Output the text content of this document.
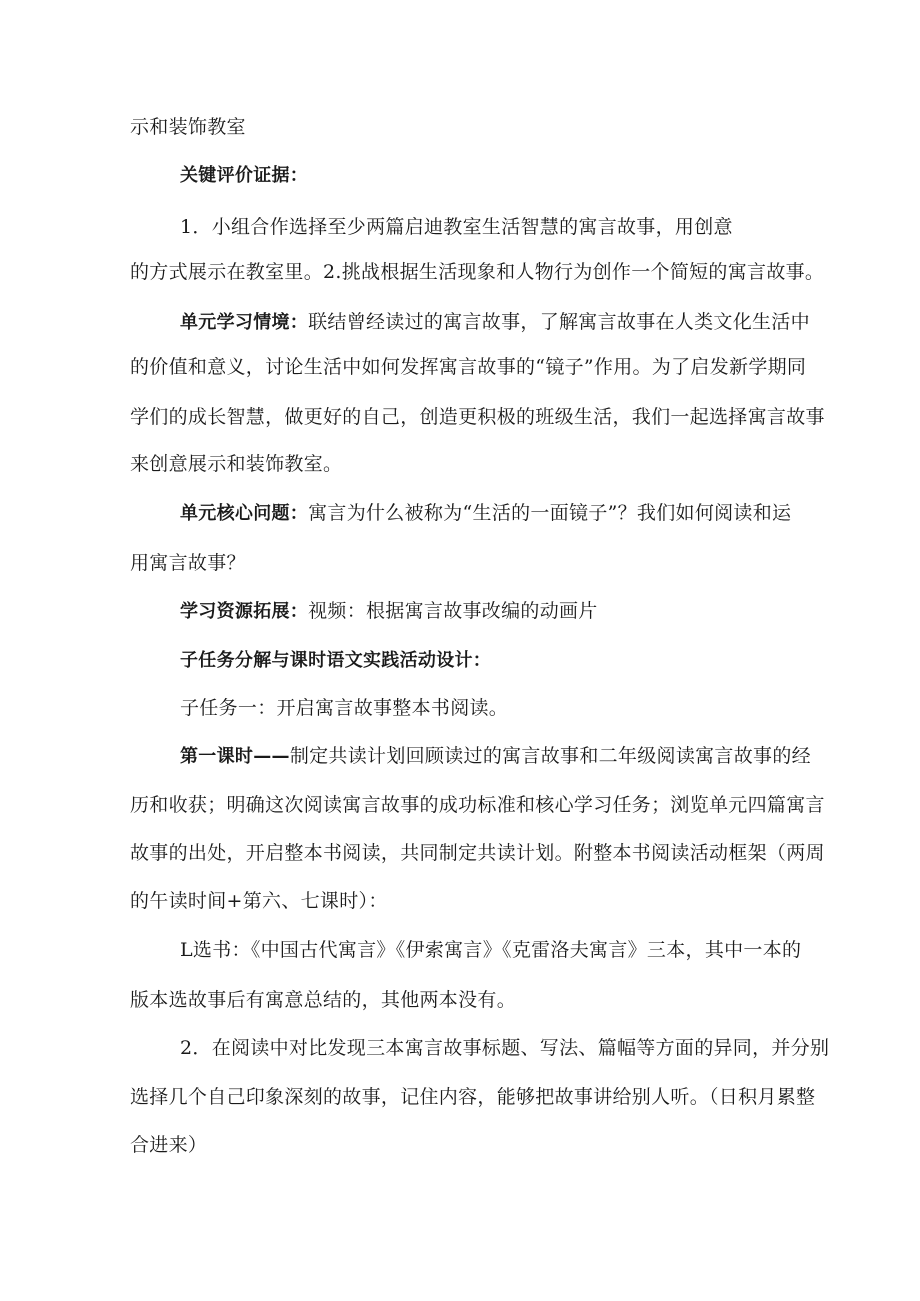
示和装饰教室
关键评价证据：
1．小组合作选择至少两篇启迪教室生活智慧的寓言故事，用创意
的方式展示在教室里。2.挑战根据生活现象和人物行为创作一个简短的寓言故事。
单元学习情境：联结曾经读过的寓言故事，了解寓言故事在人类文化生活中
的价值和意义，讨论生活中如何发挥寓言故事的“镜子”作用。为了启发新学期同
学们的成长智慧，做更好的自己，创造更积极的班级生活，我们一起选择寓言故事
来创意展示和装饰教室。
单元核心问题：寓言为什么被称为“生活的一面镜子”？我们如何阅读和运
用寓言故事？
学习资源拓展：视频：根据寓言故事改编的动画片
子任务分解与课时语文实践活动设计：
子任务一：开启寓言故事整本书阅读。
第一课时——制定共读计划回顾读过的寓言故事和二年级阅读寓言故事的经
历和收获；明确这次阅读寓言故事的成功标准和核心学习任务；浏览单元四篇寓言
故事的出处，开启整本书阅读，共同制定共读计划。附整本书阅读活动框架（两周
的午读时间+第六、七课时）：
L选书：《中国古代寓言》《伊索寓言》《克雷洛夫寓言》三本，其中一本的
版本选故事后有寓意总结的，其他两本没有。
2．在阅读中对比发现三本寓言故事标题、写法、篇幅等方面的异同，并分别
选择几个自己印象深刻的故事，记住内容，能够把故事讲给别人听。（日积月累整
合进来）
